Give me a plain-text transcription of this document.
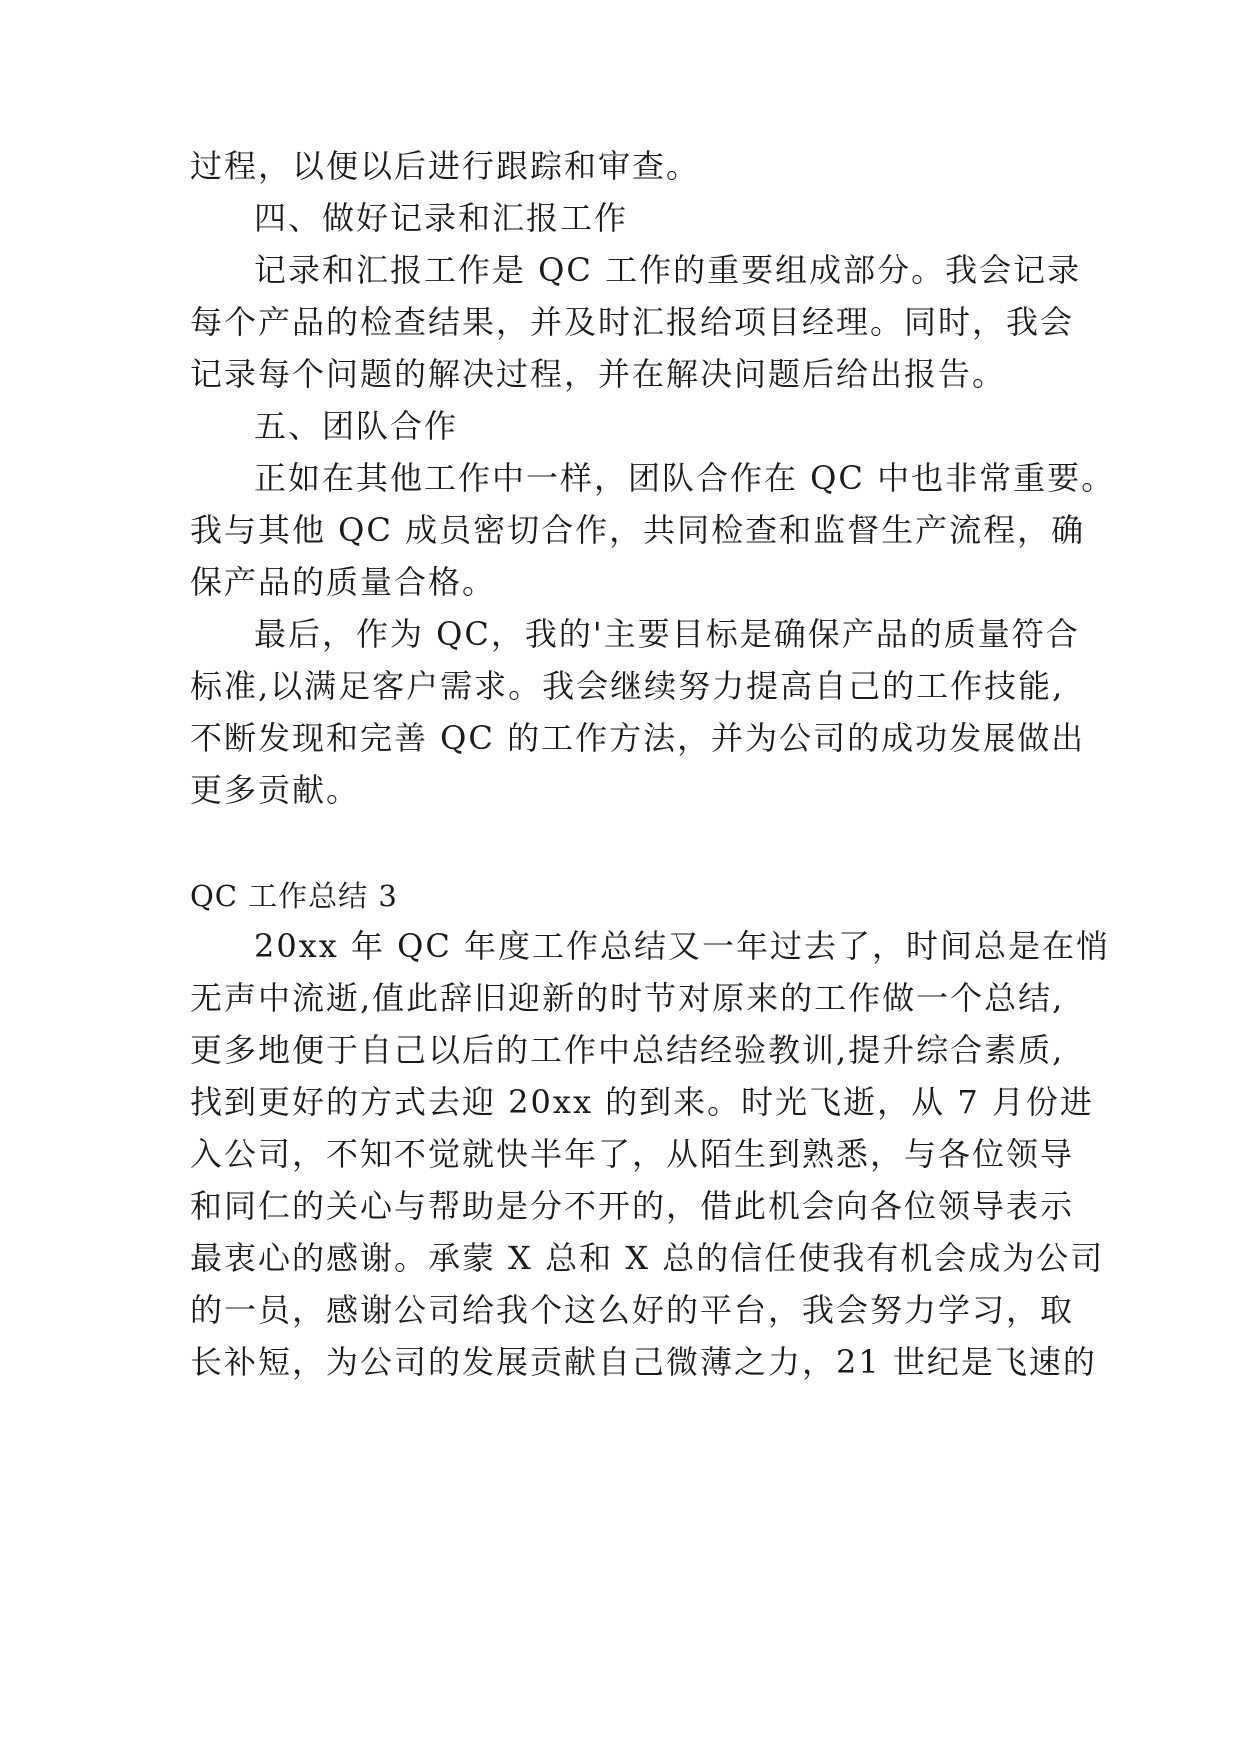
过程，以便以后进行跟踪和审查。
四、做好记录和汇报工作
记录和汇报工作是 QC 工作的重要组成部分。我会记录
每个产品的检查结果，并及时汇报给项目经理。同时，我会
记录每个问题的解决过程，并在解决问题后给出报告。
五、团队合作
正如在其他工作中一样，团队合作在 QC 中也非常重要。
我与其他 QC 成员密切合作，共同检查和监督生产流程，确
保产品的质量合格。
最后，作为 QC，我的'主要目标是确保产品的质量符合
标准,以满足客户需求。我会继续努力提高自己的工作技能,
不断发现和完善 QC 的工作方法，并为公司的成功发展做出
更多贡献。
QC 工作总结 3
20xx 年 QC 年度工作总结又一年过去了，时间总是在悄
无声中流逝,值此辞旧迎新的时节对原来的工作做一个总结,
更多地便于自己以后的工作中总结经验教训,提升综合素质,
找到更好的方式去迎 20xx 的到来。时光飞逝，从 7 月份进
入公司，不知不觉就快半年了，从陌生到熟悉，与各位领导
和同仁的关心与帮助是分不开的，借此机会向各位领导表示
最衷心的感谢。承蒙 X 总和 X 总的信任使我有机会成为公司
的一员，感谢公司给我个这么好的平台，我会努力学习，取
长补短，为公司的发展贡献自己微薄之力，21 世纪是飞速的
